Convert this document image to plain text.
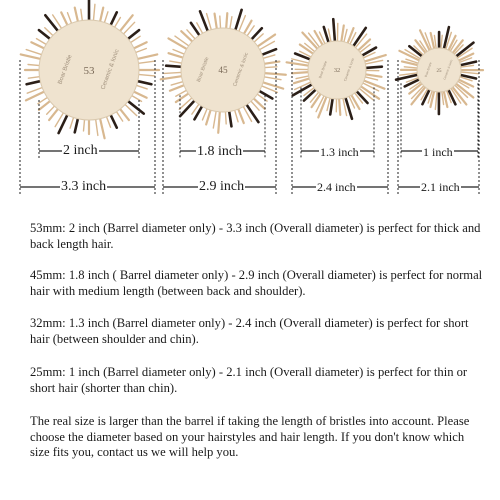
53 Ceramic & Ionic
Boar Bristle	45 Ceramic & Ionic
Boar Bristle	32 Ceramic & Ionic
Boar Bristle	25 Ceramic & Ionic
Boar Bristle
2 inch	1.8 inch	1.3 inch	1 inch
3.3 inch	2.9 inch	2.4 inch	2.1 inch

53mm: 2 inch (Barrel diameter only) - 3.3 inch (Overall diameter) is perfect for thick and back length hair.

45mm: 1.8 inch ( Barrel diameter only) - 2.9 inch (Overall diameter) is perfect for normal hair with medium length (between back and shoulder).

32mm: 1.3 inch (Barrel diameter only) - 2.4 inch (Overall diameter) is perfect for short hair (between shoulder and chin).

25mm: 1 inch (Barrel diameter only) - 2.1 inch (Overall diameter) is perfect for thin or short hair (shorter than chin).

The real size is larger than the barrel if taking the length of bristles into account. Please choose the diameter based on your hairstyles and hair length. If you don't know which size fits you, contact us we will help you.
